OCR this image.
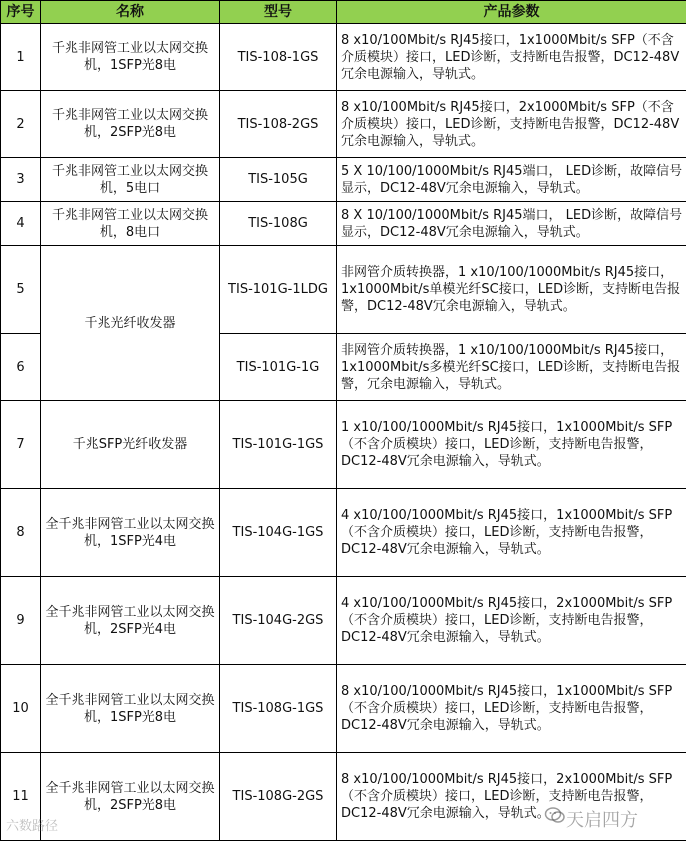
序号	名称	型号	产品参数
1	千兆非网管工业以太网交换机，1SFP光8电	TIS-108-1GS	8 x10/100Mbit/s RJ45接口，1x1000Mbit/s SFP（不含介质模块）接口，LED诊断，支持断电告报警，DC12-48V冗余电源输入，导轨式。
2	千兆非网管工业以太网交换机，2SFP光8电	TIS-108-2GS	8 x10/100Mbit/s RJ45接口，2x1000Mbit/s SFP（不含介质模块）接口，LED诊断，支持断电告报警，DC12-48V冗余电源输入，导轨式。
3	千兆非网管工业以太网交换机，5电口	TIS-105G	5 X 10/100/1000Mbit/s RJ45端口， LED诊断，故障信号显示，DC12-48V冗余电源输入，导轨式。
4	千兆非网管工业以太网交换机，8电口	TIS-108G	8 X 10/100/1000Mbit/s RJ45端口， LED诊断，故障信号显示，DC12-48V冗余电源输入，导轨式。
5	千兆光纤收发器	TIS-101G-1LDG	非网管介质转换器，1 x10/100/1000Mbit/s RJ45接口，1x1000Mbit/s单模光纤SC接口，LED诊断，支持断电告报警，DC12-48V冗余电源输入，导轨式。
6		TIS-101G-1G	非网管介质转换器，1 x10/100/1000Mbit/s RJ45接口，1x1000Mbit/s多模光纤SC接口，LED诊断，支持断电告报警，冗余电源输入，导轨式。
7	千兆SFP光纤收发器	TIS-101G-1GS	1 x10/100/1000Mbit/s RJ45接口，1x1000Mbit/s SFP（不含介质模块）接口，LED诊断，支持断电告报警，DC12-48V冗余电源输入，导轨式。
8	全千兆非网管工业以太网交换机，1SFP光4电	TIS-104G-1GS	4 x10/100/1000Mbit/s RJ45接口，1x1000Mbit/s SFP（不含介质模块）接口，LED诊断，支持断电告报警，DC12-48V冗余电源输入，导轨式。
9	全千兆非网管工业以太网交换机，2SFP光4电	TIS-104G-2GS	4 x10/100/1000Mbit/s RJ45接口，2x1000Mbit/s SFP（不含介质模块）接口，LED诊断，支持断电告报警，DC12-48V冗余电源输入，导轨式。
10	全千兆非网管工业以太网交换机，1SFP光8电	TIS-108G-1GS	8 x10/100/1000Mbit/s RJ45接口，1x1000Mbit/s SFP（不含介质模块）接口，LED诊断，支持断电告报警，DC12-48V冗余电源输入，导轨式。
11	全千兆非网管工业以太网交换机，2SFP光8电	TIS-108G-2GS	8 x10/100/1000Mbit/s RJ45接口，2x1000Mbit/s SFP（不含介质模块）接口，LED诊断，支持断电告报警，DC12-48V冗余电源输入，导轨式。
六数路径	天启四方
